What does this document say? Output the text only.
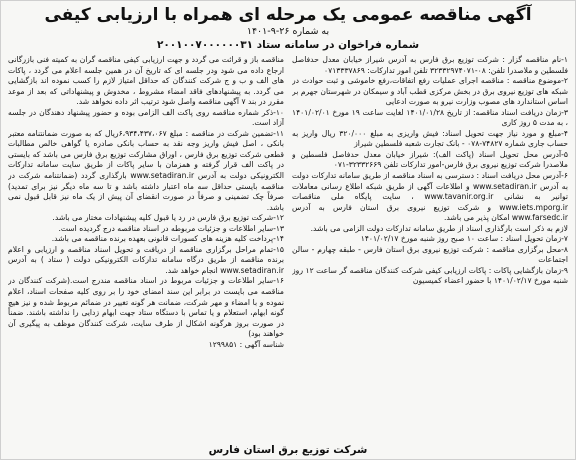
آگهی مناقصه عمومی یک مرحله ای همراه با ارزیابی کیفی
به شماره ۲۶-۹-۱۴۰۱
شماره فراخوان در سامانه ستاد ۲۰۰۱۰۰۷۰۰۰۰۰۰۳۱

۱-نام مناقصه گزار : شرکت توزیع برق فارس به آدرس شیراز خیابان معدل حدفاصل فلسطین و ملاصدرا تلفن: ۰۸-۳۲۳۳۲۹۷۴۰۷۱ تلفن امور تدارکات: ۰۷۱۳۳۳۷۸۶۹

۲-موضوع مناقصه : مناقصه اجرای عملیات رفع اتفاقات،رفع خاموشی و ثبت حوادث در شبکه های توزیع نیروی برق در بخش مرکزی قطب آباد و سیمکان در شهرستان جهرم بر اساس استاندارد های مصوب وزارت نیرو به صورت ادعایی

۳-زمان دریافت اسناد مناقصه: از تاریخ ۱۴۰۱/۰۱/۲۸ لغایت ساعت ۱۹ مورخ ۱۴۰۱/۰۲/۰۱ ، به مدت ۵ روز کاری

۴-مبلغ و مورد نیاز جهت تحویل اسناد: فیش واریزی به مبلغ ۳۲۰/۰۰۰ ریال واریز به حساب جاری شماره ۷۴۸۲۷-۰۷۸ - بانک تجارت شعبه فلسطین شیراز

۵-آدرس محل تحویل اسناد (پاکت الف): شیراز خیابان معدل حدفاصل فلسطین و ملاصدرا شرکت توزیع نیروی برق فارس-امور تدارکات تلفن ۳۲۳۳۲۶۶۹-۰۷۱

۶-آدرس محل دریافت اسناد : دسترسی به اسناد مناقصه از طریق سامانه تدارکات دولت به آدرس www.setadiran.ir و اطلاعات آگهی از طریق شبکه اطلاع رسانی معاملات توانیر به نشانی www.tavanir.org.ir ، سایت پایگاه ملی مناقصات www.iets.mporg.ir و شرکت توزیع نیروی برق استان فارس به آدرس www.farsedc.ir امکان پذیر می باشد.

لازم به ذکر است بارگذاری اسناد از طریق سامانه تدارکات دولت الزامی می باشد.

۷-زمان تحویل اسناد : ساعت ۱۰ صبح روز شنبه مورخ ۱۴۰۱/۰۲/۱۷

۸-محل برگزاری مناقصه : شرکت توزیع نیروی برق استان فارس - طبقه چهارم - سالن اجتماعات

۹-زمان بازگشایی پاکات : پاکات ارزیابی کیفی شرکت کنندگان مناقصه گر ساعت ۱۲ روز شنبه مورخ ۱۴۰۱/۰۲/۱۷ با حضور اعضاء کمیسیون

مناقصه باز و قرائت می گردد و جهت ارزیابی کیفی مناقصه گران به کمیته فنی بازرگانی ارجاع داده می شود ودر جلسه ای که تاریخ آن در همین جلسه اعلام می گردد ، پاکات های الف و ب و ج شرکت کنندگان که حداقل امتیاز لازم را کسب نموده اند بازگشایی می گردد. به پیشنهادهای فاقد امضاء مشروط ، مخدوش و پیشنهاداتی که بعد از موعد مقرر در بند ۷ آگهی مناقصه واصل شود ترتیب اثر داده نخواهد شد.

۱۰-ذکر شماره مناقصه روی پاکت الف الزامی بوده و حضور پیشنهاد دهندگان در جلسه آزاد است.

۱۱-تضمین شرکت در مناقصه : مبلغ ۶،۹۳۴،۴۳۷،۰۶۷ریال که به صورت ضمانتنامه معتبر بانکی ، اصل فیش واریز وجه نقد به حساب بانکی صادره یا گواهی خالص مطالبات قطعی شرکت توزیع برق فارس ، اوراق مشارکت توزیع برق فارس می باشد که بایستی در پاکت الف قرار گرفته و همزمان با سایر پاکات از طریق سایت سامانه تدارکات الکترونیکی دولت به آدرس www.setadiran.ir بارگذاری گردد (ضمانتنامه شرکت در مناقصه بایستی حداقل سه ماه اعتبار داشته باشد و تا سه ماه دیگر نیز برای تمدید) صرفاً چک تضمینی و صرفاً در صورت انقضای آن پیش از یک ماه نیز قابل قبول نمی باشد.

۱۲-شرکت توزیع برق فارس در رد یا قبول کلیه پیشنهادات مختار می باشد.

۱۳-سایر اطلاعات و جزئیات مربوطه در اسناد مناقصه درج گردیده است.

۱۴-پرداخت کلیه هزینه های کسورات قانونی بعهده برنده مناقصه می باشد.

۱۵-تمام مراحل برگزاری مناقصه از دریافت و تحویل اسناد مناقصه و ارزیابی و اعلام برنده مناقصه از طریق درگاه سامانه تدارکات الکترونیکی دولت ( ستاد ) به آدرس www.setadiran.ir انجام خواهد شد.

۱۶-سایر اطلاعات و جزئیات مربوط در اسناد مناقصه مندرج است.(شرکت کنندگان در مناقصه می بایست در برابر این سند امضای خود را بر روی کلیه صفحات اسناد، اعلام نموده و با امضاء و مهر شرکت، ضمانت هر گونه تغییر در ضمائم مربوط شده و نیز هیچ گونه ابهام، استعلام و یا تماس با دستگاه ستاد جهت ابهام زدایی را نداشته باشند. ضمناً در صورت بروز هرگونه اشکال از طرف سایت، شرکت کنندگان موظف به پیگیری آن خواهند بود)

شناسه آگهی : ۱۲۹۹۸۵۱

شرکت توزیع برق استان فارس
